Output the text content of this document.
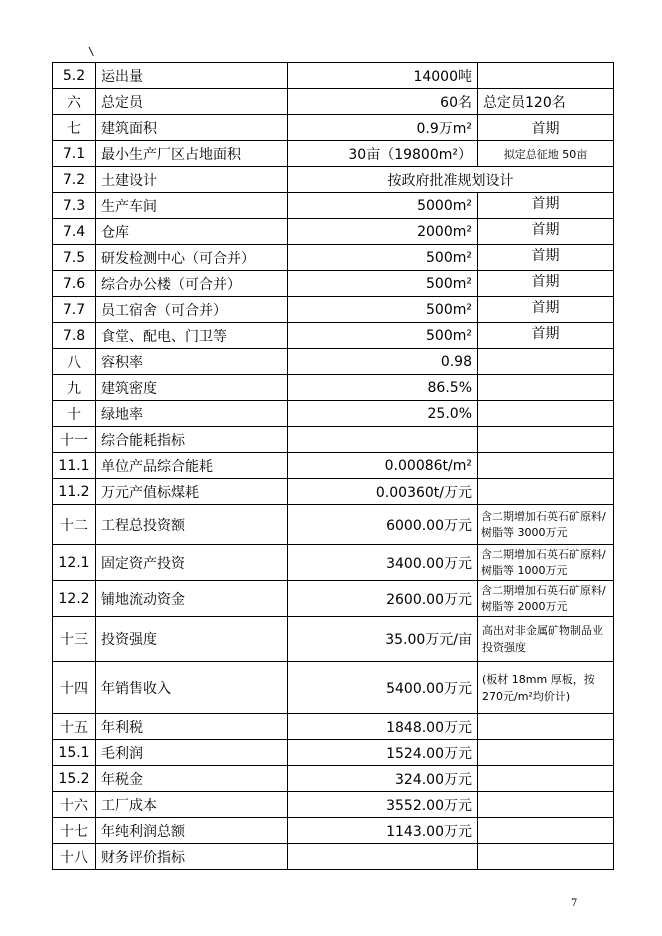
\
5.2	运出量	14000吨	
六	总定员	60名	总定员120名
七	建筑面积	0.9万m²	首期
7.1	最小生产厂区占地面积	30亩（19800m²）	拟定总征地 50亩
7.2	土建设计	按政府批准规划设计	
7.3	生产车间	5000m²	首期
7.4	仓库	2000m²	首期
7.5	研发检测中心（可合并）	500m²	首期
7.6	综合办公楼（可合并）	500m²	首期
7.7	员工宿舍（可合并）	500m²	首期
7.8	食堂、配电、门卫等	500m²	首期
八	容积率	0.98	
九	建筑密度	86.5%	
十	绿地率	25.0%	
十一	综合能耗指标		
11.1	单位产品综合能耗	0.00086t/m²	
11.2	万元产值标煤耗	0.00360t/万元	
十二	工程总投资额	6000.00万元	含二期增加石英石矿原料/树脂等 3000万元
12.1	固定资产投资	3400.00万元	含二期增加石英石矿原料/树脂等 1000万元
12.2	铺地流动资金	2600.00万元	含二期增加石英石矿原料/树脂等 2000万元
十三	投资强度	35.00万元/亩	高出对非金属矿物制品业投资强度
十四	年销售收入	5400.00万元	(板材 18mm 厚板，按 270元/m²均价计)
十五	年利税	1848.00万元	
15.1	毛利润	1524.00万元	
15.2	年税金	324.00万元	
十六	工厂成本	3552.00万元	
十七	年纯利润总额	1143.00万元	
十八	财务评价指标		
7
